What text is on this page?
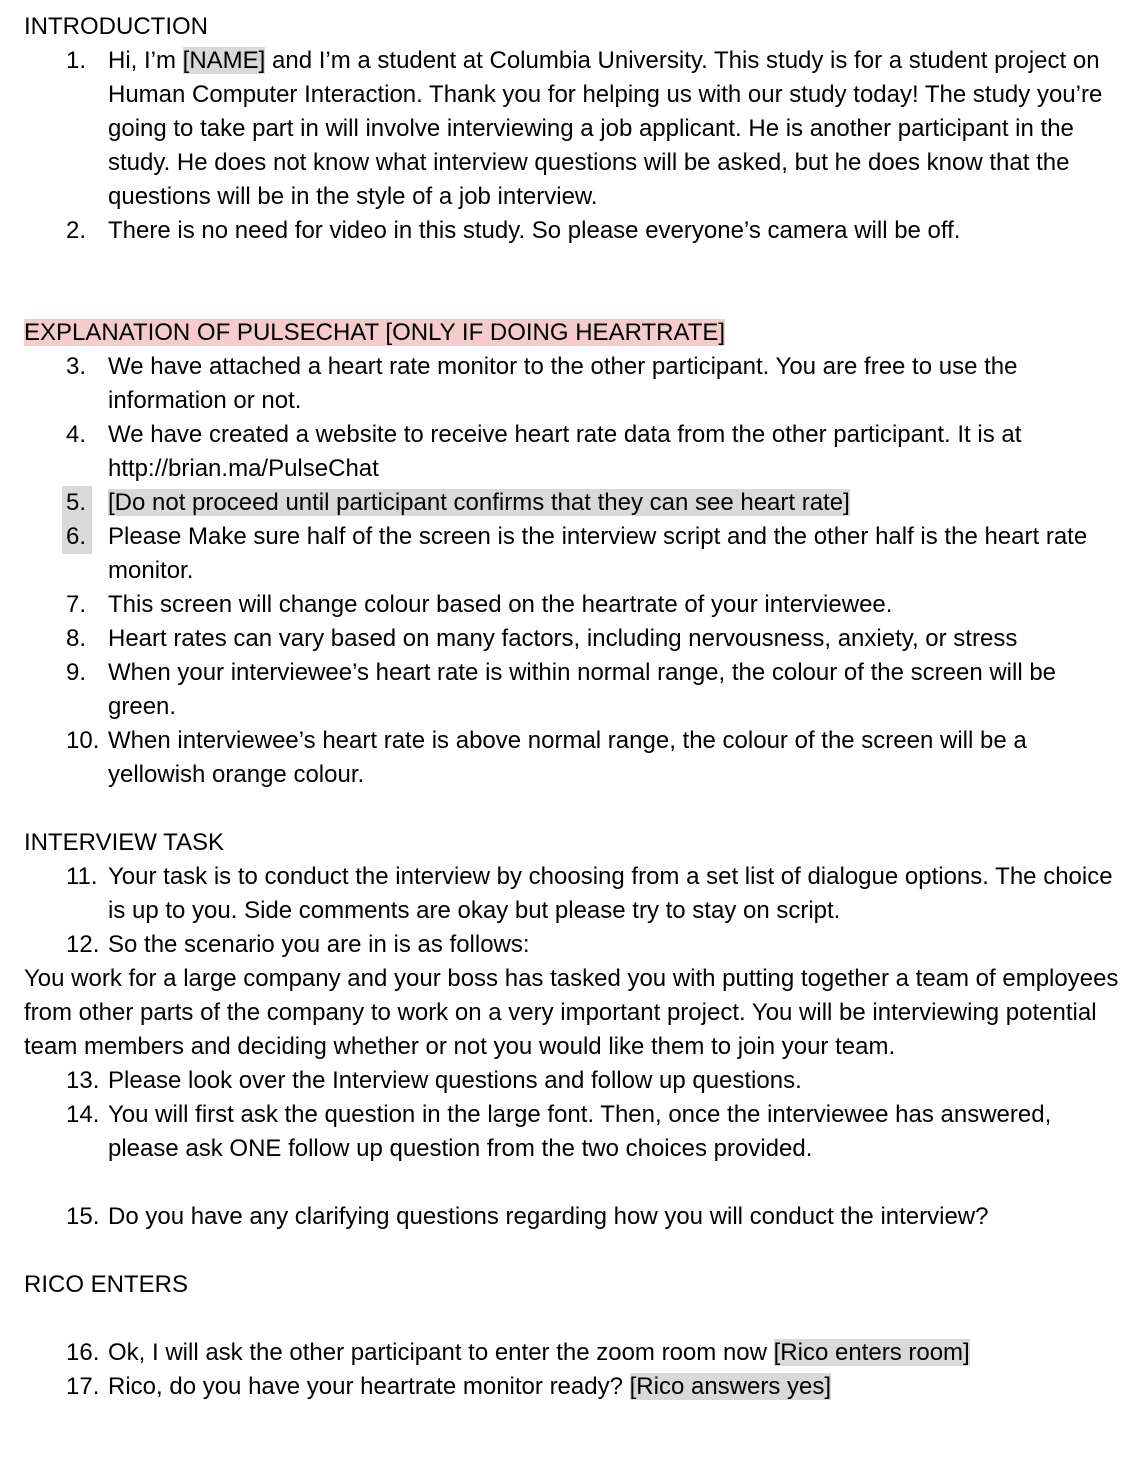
INTRODUCTION
1. Hi, I’m [NAME] and I’m a student at Columbia University. This study is for a student project on Human Computer Interaction. Thank you for helping us with our study today! The study you’re going to take part in will involve interviewing a job applicant. He is another participant in the study. He does not know what interview questions will be asked, but he does know that the questions will be in the style of a job interview.
2. There is no need for video in this study. So please everyone’s camera will be off.
EXPLANATION OF PULSECHAT [ONLY IF DOING HEARTRATE]
3. We have attached a heart rate monitor to the other participant. You are free to use the information or not.
4. We have created a website to receive heart rate data from the other participant. It is at http://brian.ma/PulseChat
5. [Do not proceed until participant confirms that they can see heart rate]
6. Please Make sure half of the screen is the interview script and the other half is the heart rate monitor.
7. This screen will change colour based on the heartrate of your interviewee.
8. Heart rates can vary based on many factors, including nervousness, anxiety, or stress
9. When your interviewee’s heart rate is within normal range, the colour of the screen will be green.
10. When interviewee’s heart rate is above normal range, the colour of the screen will be a yellowish orange colour.
INTERVIEW TASK
11. Your task is to conduct the interview by choosing from a set list of dialogue options. The choice is up to you. Side comments are okay but please try to stay on script.
12. So the scenario you are in is as follows:
You work for a large company and your boss has tasked you with putting together a team of employees from other parts of the company to work on a very important project. You will be interviewing potential team members and deciding whether or not you would like them to join your team.
13. Please look over the Interview questions and follow up questions.
14. You will first ask the question in the large font. Then, once the interviewee has answered, please ask ONE follow up question from the two choices provided.
15. Do you have any clarifying questions regarding how you will conduct the interview?
RICO ENTERS
16. Ok, I will ask the other participant to enter the zoom room now [Rico enters room]
17. Rico, do you have your heartrate monitor ready? [Rico answers yes]
